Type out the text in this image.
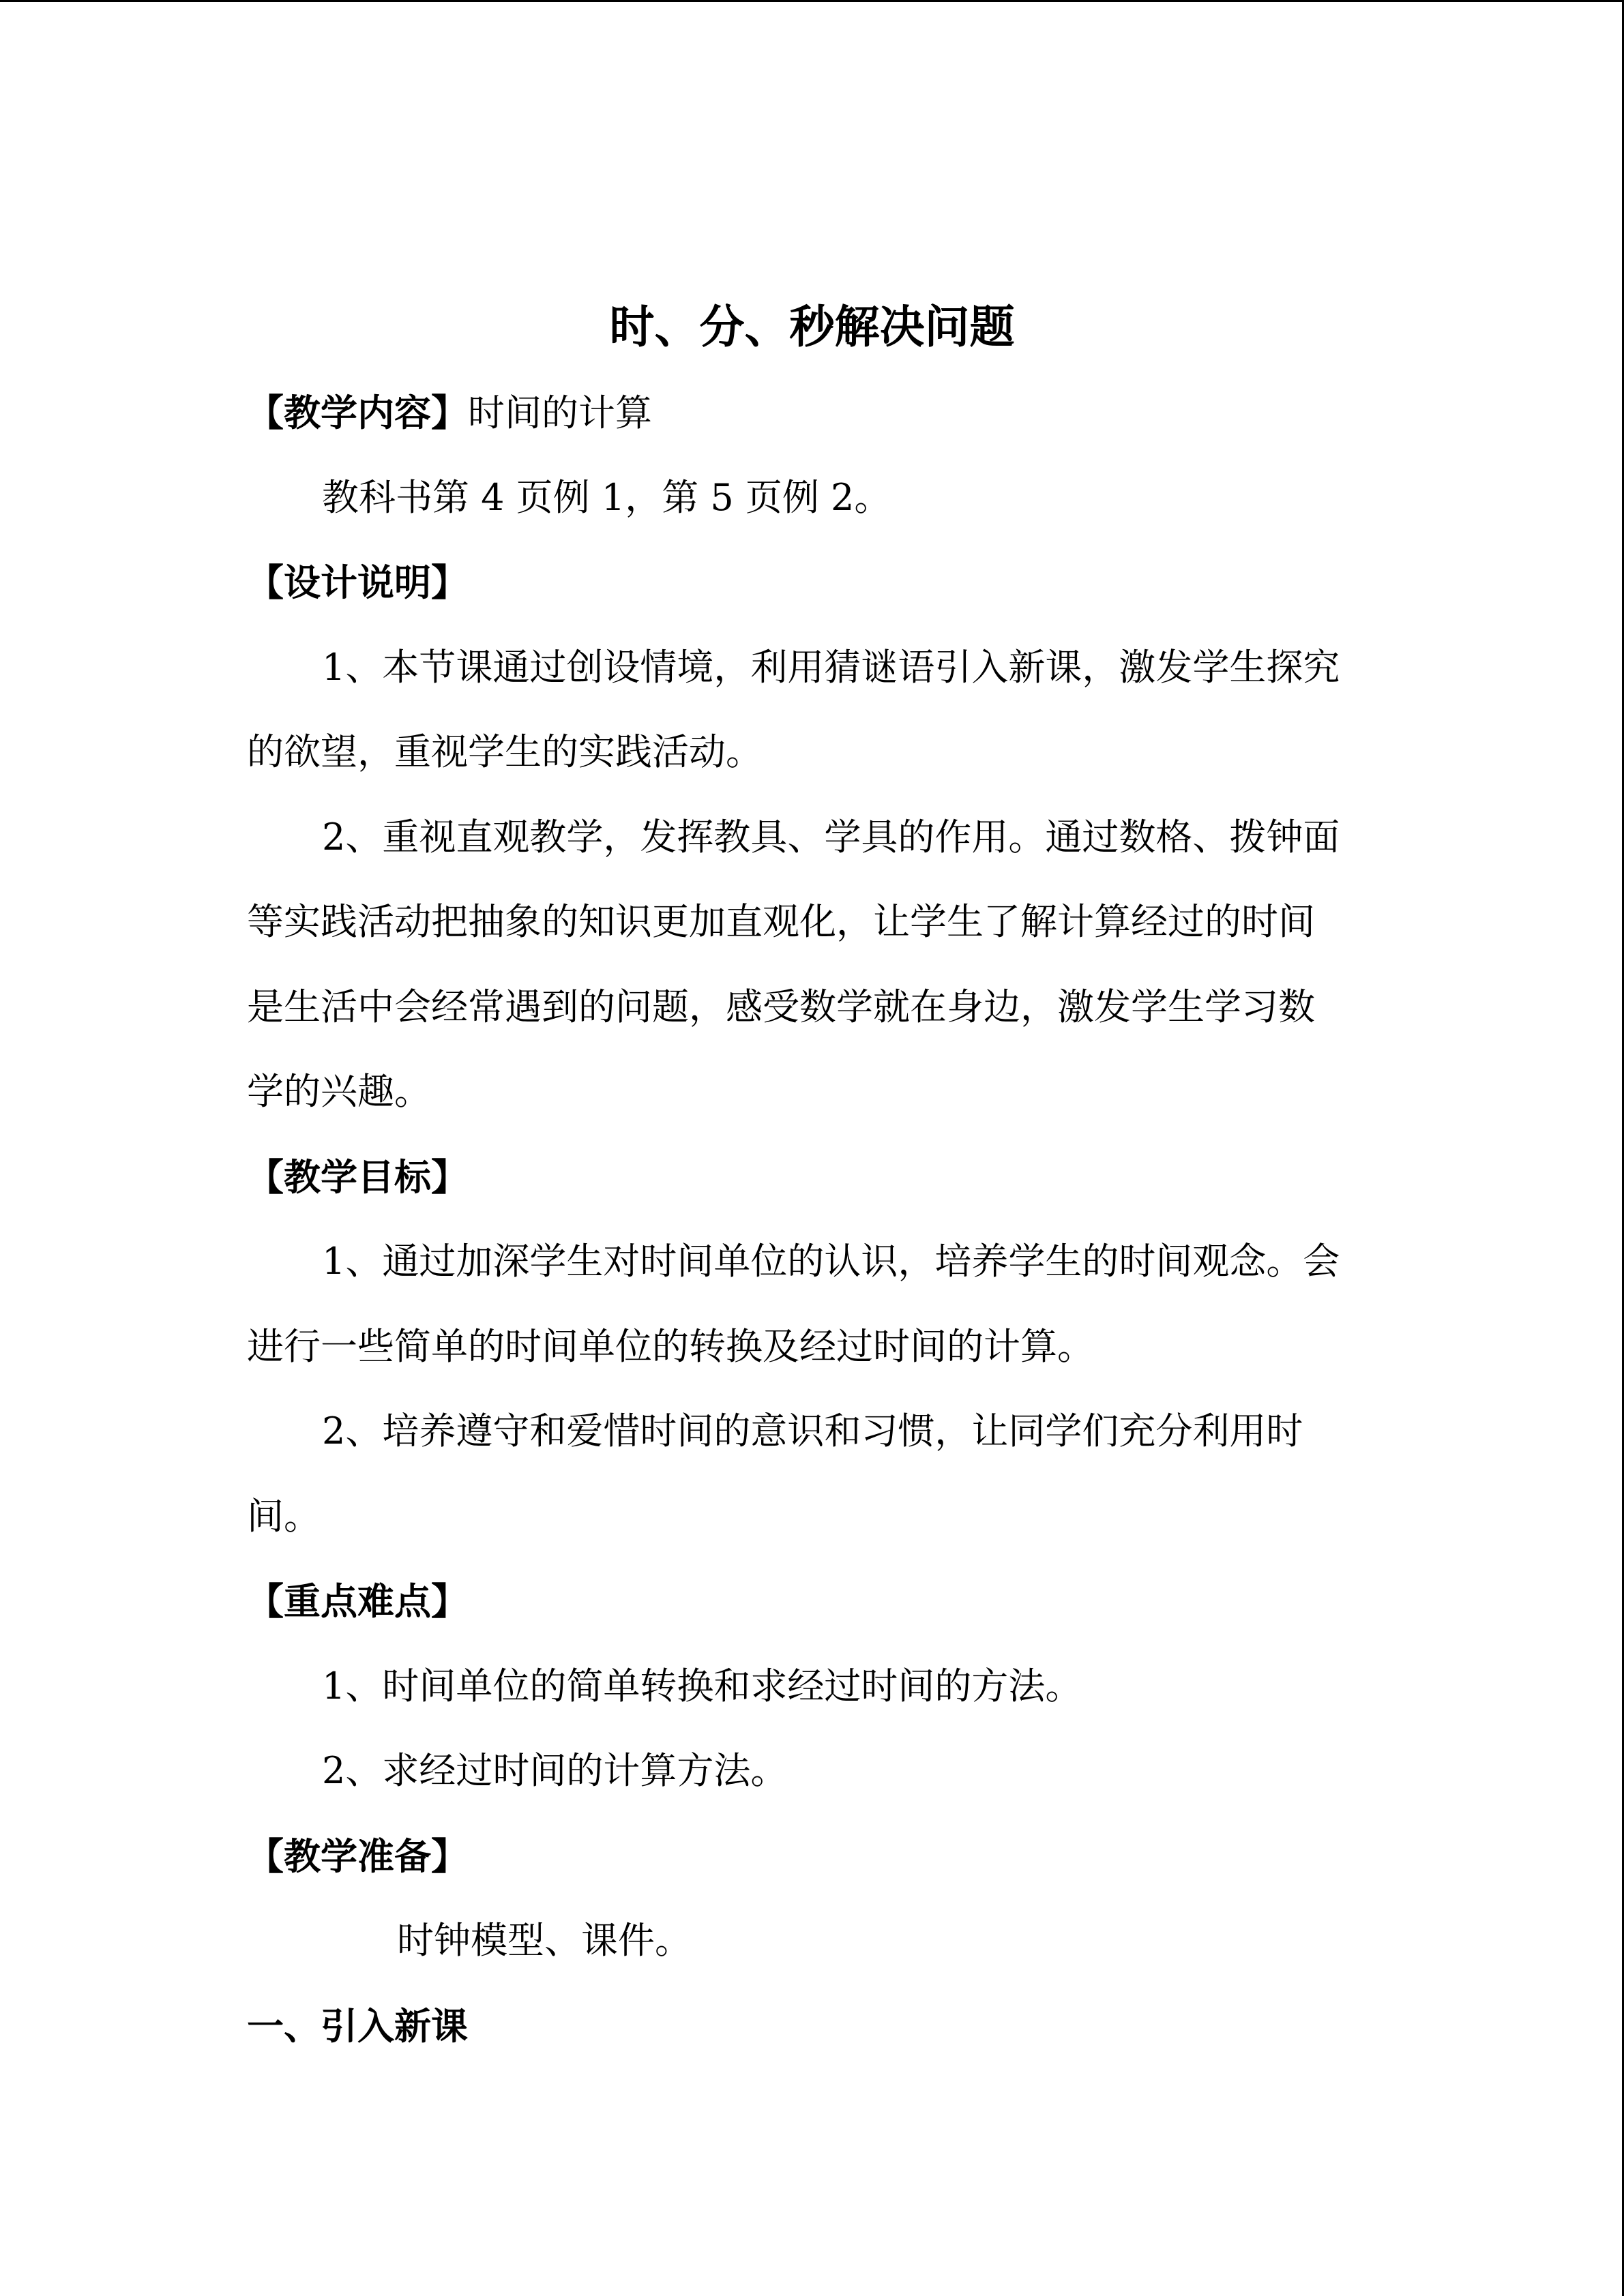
时、分、秒解决问题
【教学内容】时间的计算
教科书第 4 页例 1，第 5 页例 2。
【设计说明】
1、本节课通过创设情境，利用猜谜语引入新课，激发学生探究
的欲望，重视学生的实践活动。
2、重视直观教学，发挥教具、学具的作用。通过数格、拨钟面
等实践活动把抽象的知识更加直观化，让学生了解计算经过的时间
是生活中会经常遇到的问题，感受数学就在身边，激发学生学习数
学的兴趣。
【教学目标】
1、通过加深学生对时间单位的认识，培养学生的时间观念。会
进行一些简单的时间单位的转换及经过时间的计算。
2、培养遵守和爱惜时间的意识和习惯，让同学们充分利用时
间。
【重点难点】
1、时间单位的简单转换和求经过时间的方法。
2、求经过时间的计算方法。
【教学准备】
时钟模型、课件。
一、引入新课
